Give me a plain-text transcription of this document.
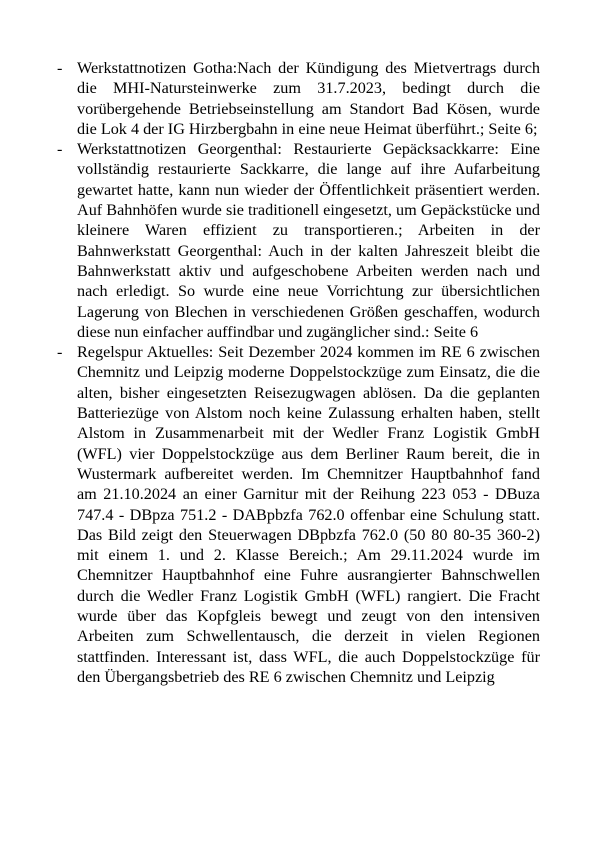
- Werkstattnotizen Gotha:Nach der Kündigung des Mietvertrags durch die MHI-Natursteinwerke zum 31.7.2023, bedingt durch die vorübergehende Betriebseinstellung am Standort Bad Kösen, wurde die Lok 4 der IG Hirzbergbahn in eine neue Heimat überführt.; Seite 6;

- Werkstattnotizen Georgenthal: Restaurierte Gepäcksackkarre: Eine vollständig restaurierte Sackkarre, die lange auf ihre Aufarbeitung gewartet hatte, kann nun wieder der Öffentlichkeit präsentiert werden. Auf Bahnhöfen wurde sie traditionell eingesetzt, um Gepäckstücke und kleinere Waren effizient zu transportieren.; Arbeiten in der Bahnwerkstatt Georgenthal: Auch in der kalten Jahreszeit bleibt die Bahnwerkstatt aktiv und aufgeschobene Arbeiten werden nach und nach erledigt. So wurde eine neue Vorrichtung zur übersichtlichen Lagerung von Blechen in verschiedenen Größen geschaffen, wodurch diese nun einfacher auffindbar und zugänglicher sind.: Seite 6

- Regelspur Aktuelles: Seit Dezember 2024 kommen im RE 6 zwischen Chemnitz und Leipzig moderne Doppelstockzüge zum Einsatz, die die alten, bisher eingesetzten Reisezugwagen ablösen. Da die geplanten Batteriezüge von Alstom noch keine Zulassung erhalten haben, stellt Alstom in Zusammenarbeit mit der Wedler Franz Logistik GmbH (WFL) vier Doppelstockzüge aus dem Berliner Raum bereit, die in Wustermark aufbereitet werden. Im Chemnitzer Hauptbahnhof fand am 21.10.2024 an einer Garnitur mit der Reihung 223 053 - DBuza 747.4 - DBpza 751.2 - DABpbzfa 762.0 offenbar eine Schulung statt. Das Bild zeigt den Steuerwagen DBpbzfa 762.0 (50 80 80-35 360-2) mit einem 1. und 2. Klasse Bereich.; Am 29.11.2024 wurde im Chemnitzer Hauptbahnhof eine Fuhre ausrangierter Bahnschwellen durch die Wedler Franz Logistik GmbH (WFL) rangiert. Die Fracht wurde über das Kopfgleis bewegt und zeugt von den intensiven Arbeiten zum Schwellentausch, die derzeit in vielen Regionen stattfinden. Interessant ist, dass WFL, die auch Doppelstockzüge für den Übergangsbetrieb des RE 6 zwischen Chemnitz und Leipzig
